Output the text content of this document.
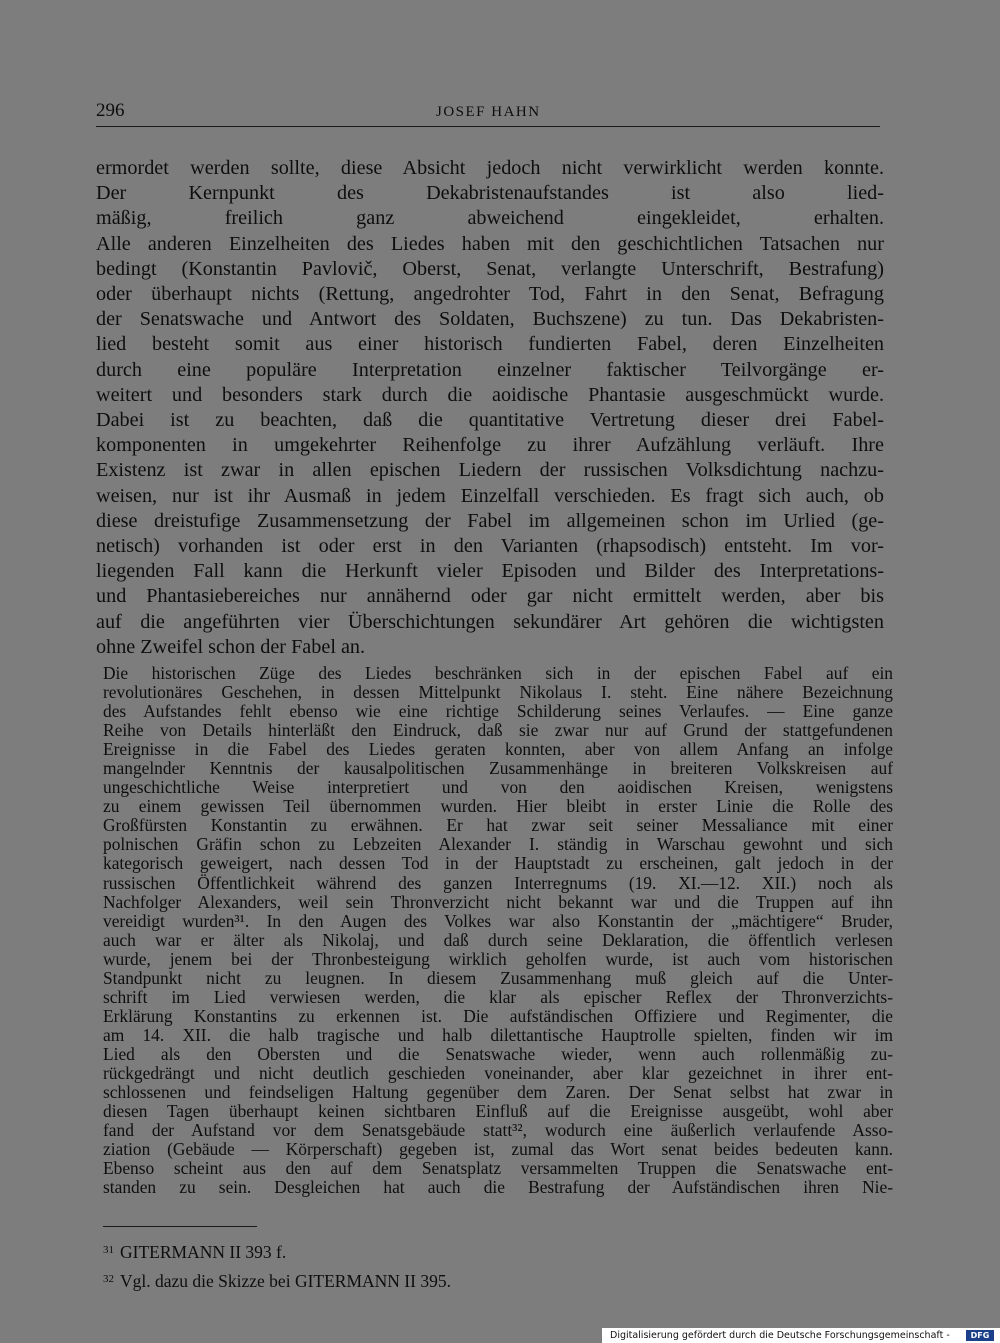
296	JOSEF HAHN
ermordet werden sollte, diese Absicht jedoch nicht verwirklicht werden konnte.
Der Kernpunkt des Dekabristenaufstandes ist also lied-
mäßig, freilich ganz abweichend eingekleidet, erhalten.
Alle anderen Einzelheiten des Liedes haben mit den geschichtlichen Tatsachen nur
bedingt (Konstantin Pavlovič, Oberst, Senat, verlangte Unterschrift, Bestrafung)
oder überhaupt nichts (Rettung, angedrohter Tod, Fahrt in den Senat, Befragung
der Senatswache und Antwort des Soldaten, Buchszene) zu tun. Das Dekabristen-
lied besteht somit aus einer historisch fundierten Fabel, deren Einzelheiten
durch eine populäre Interpretation einzelner faktischer Teilvorgänge er-
weitert und besonders stark durch die aoidische Phantasie ausgeschmückt wurde.
Dabei ist zu beachten, daß die quantitative Vertretung dieser drei Fabel-
komponenten in umgekehrter Reihenfolge zu ihrer Aufzählung verläuft. Ihre
Existenz ist zwar in allen epischen Liedern der russischen Volksdichtung nachzu-
weisen, nur ist ihr Ausmaß in jedem Einzelfall verschieden. Es fragt sich auch, ob
diese dreistufige Zusammensetzung der Fabel im allgemeinen schon im Urlied (ge-
netisch) vorhanden ist oder erst in den Varianten (rhapsodisch) entsteht. Im vor-
liegenden Fall kann die Herkunft vieler Episoden und Bilder des Interpretations-
und Phantasiebereiches nur annähernd oder gar nicht ermittelt werden, aber bis
auf die angeführten vier Überschichtungen sekundärer Art gehören die wichtigsten
ohne Zweifel schon der Fabel an.
Die historischen Züge des Liedes beschränken sich in der epischen Fabel auf ein
revolutionäres Geschehen, in dessen Mittelpunkt Nikolaus I. steht. Eine nähere Bezeichnung
des Aufstandes fehlt ebenso wie eine richtige Schilderung seines Verlaufes. — Eine ganze
Reihe von Details hinterläßt den Eindruck, daß sie zwar nur auf Grund der stattgefundenen
Ereignisse in die Fabel des Liedes geraten konnten, aber von allem Anfang an infolge
mangelnder Kenntnis der kausalpolitischen Zusammenhänge in breiteren Volkskreisen auf
ungeschichtliche Weise interpretiert und von den aoidischen Kreisen, wenigstens
zu einem gewissen Teil übernommen wurden. Hier bleibt in erster Linie die Rolle des
Großfürsten Konstantin zu erwähnen. Er hat zwar seit seiner Messaliance mit einer
polnischen Gräfin schon zu Lebzeiten Alexander I. ständig in Warschau gewohnt und sich
kategorisch geweigert, nach dessen Tod in der Hauptstadt zu erscheinen, galt jedoch in der
russischen Öffentlichkeit während des ganzen Interregnums (19. XI.—12. XII.) noch als
Nachfolger Alexanders, weil sein Thronverzicht nicht bekannt war und die Truppen auf ihn
vereidigt wurden³¹. In den Augen des Volkes war also Konstantin der „mächtigere“ Bruder,
auch war er älter als Nikolaj, und daß durch seine Deklaration, die öffentlich verlesen
wurde, jenem bei der Thronbesteigung wirklich geholfen wurde, ist auch vom historischen
Standpunkt nicht zu leugnen. In diesem Zusammenhang muß gleich auf die Unter-
schrift im Lied verwiesen werden, die klar als epischer Reflex der Thronverzichts-
Erklärung Konstantins zu erkennen ist. Die aufständischen Offiziere und Regimenter, die
am 14. XII. die halb tragische und halb dilettantische Hauptrolle spielten, finden wir im
Lied als den Obersten und die Senatswache wieder, wenn auch rollenmäßig zu-
rückgedrängt und nicht deutlich geschieden voneinander, aber klar gezeichnet in ihrer ent-
schlossenen und feindseligen Haltung gegenüber dem Zaren. Der Senat selbst hat zwar in
diesen Tagen überhaupt keinen sichtbaren Einfluß auf die Ereignisse ausgeübt, wohl aber
fand der Aufstand vor dem Senatsgebäude statt³², wodurch eine äußerlich verlaufende Asso-
ziation (Gebäude — Körperschaft) gegeben ist, zumal das Wort senat beides bedeuten kann.
Ebenso scheint aus den auf dem Senatsplatz versammelten Truppen die Senatswache ent-
standen zu sein. Desgleichen hat auch die Bestrafung der Aufständischen ihren Nie-
$^{31}$ GITERMANN II 393 f.
$^{32}$ Vgl. dazu die Skizze bei GITERMANN II 395.
Digitalisierung gefördert durch die Deutsche Forschungsgemeinschaft -	DFG
